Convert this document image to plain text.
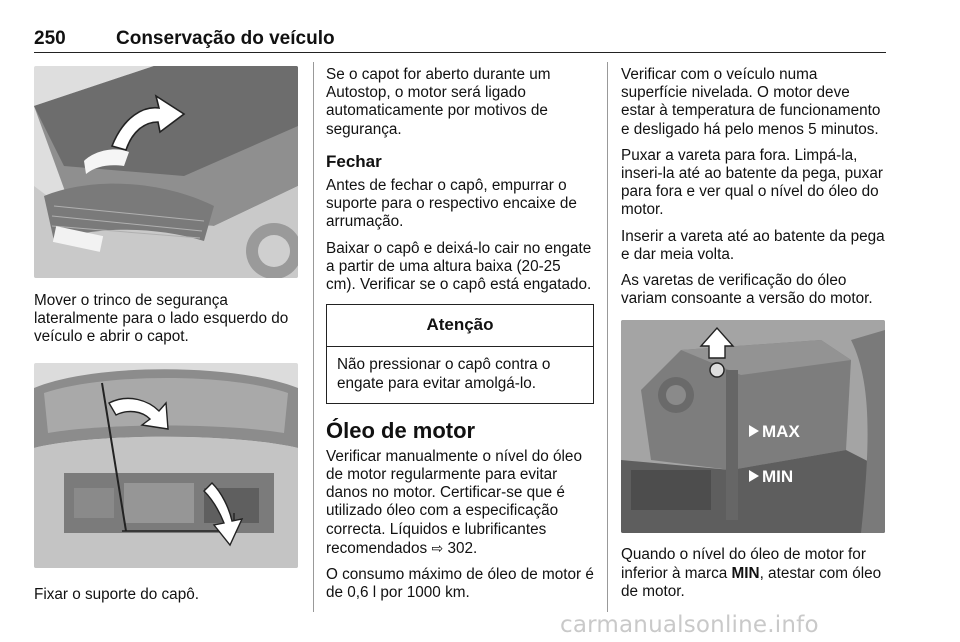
250	Conservação do veículo

Mover o trinco de segurança lateralmente para o lado esquerdo do veículo e abrir o capot.

Fixar o suporte do capô.

Se o capot for aberto durante um Autostop, o motor será ligado automaticamente por motivos de segurança.

Fechar

Antes de fechar o capô, empurrar o suporte para o respectivo encaixe de arrumação.

Baixar o capô e deixá-lo cair no engate a partir de uma altura baixa (20-25 cm). Verificar se o capô está engatado.

Atenção
Não pressionar o capô contra o engate para evitar amolgá-lo.
Óleo de motor

Verificar manualmente o nível do óleo de motor regularmente para evitar danos no motor. Certificar-se que é utilizado óleo com a especificação correcta. Líquidos e lubrificantes recomendados ⇨ 302.

O consumo máximo de óleo de motor é de 0,6 l por 1000 km.

Verificar com o veículo numa superfície nivelada. O motor deve estar à temperatura de funcionamento e desligado há pelo menos 5 minutos.

Puxar a vareta para fora. Limpá-la, inseri-la até ao batente da pega, puxar para fora e ver qual o nível do óleo do motor.

Inserir a vareta até ao batente da pega e dar meia volta.

As varetas de verificação do óleo variam consoante a versão do motor.

MAX
MIN

Quando o nível do óleo de motor for inferior à marca MIN, atestar com óleo de motor.

carmanualsonline.info
